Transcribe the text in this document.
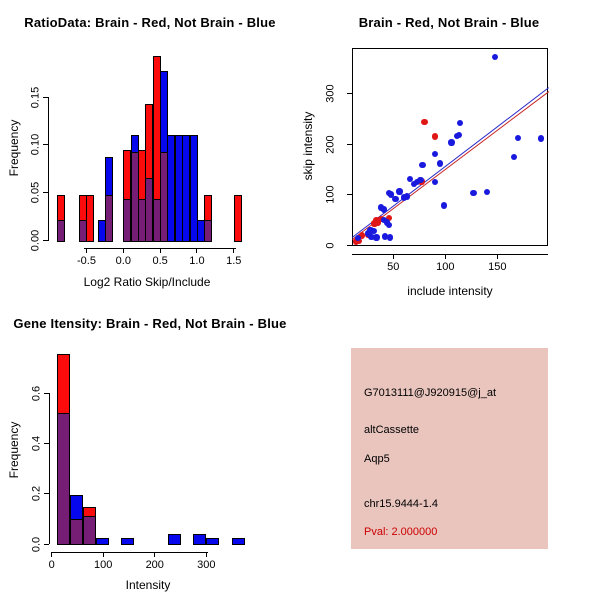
RatioData: Brain - Red, Not Brain - Blue
Log2 Ratio Skip/Include
Frequency
0.00
0.05
0.10
0.15
-0.5	0.0	0.5	1.0	1.5
Brain - Red, Not Brain - Blue
include intensity
skip intensity
0
100
200
300
50	100	150
Gene Itensity: Brain - Red, Not Brain - Blue
Intensity
Frequency
0.0
0.2
0.4
0.6
0	100	200	300
G7013111@J920915@j_at
altCassette
Aqp5
chr15.9444-1.4
Pval: 2.000000
